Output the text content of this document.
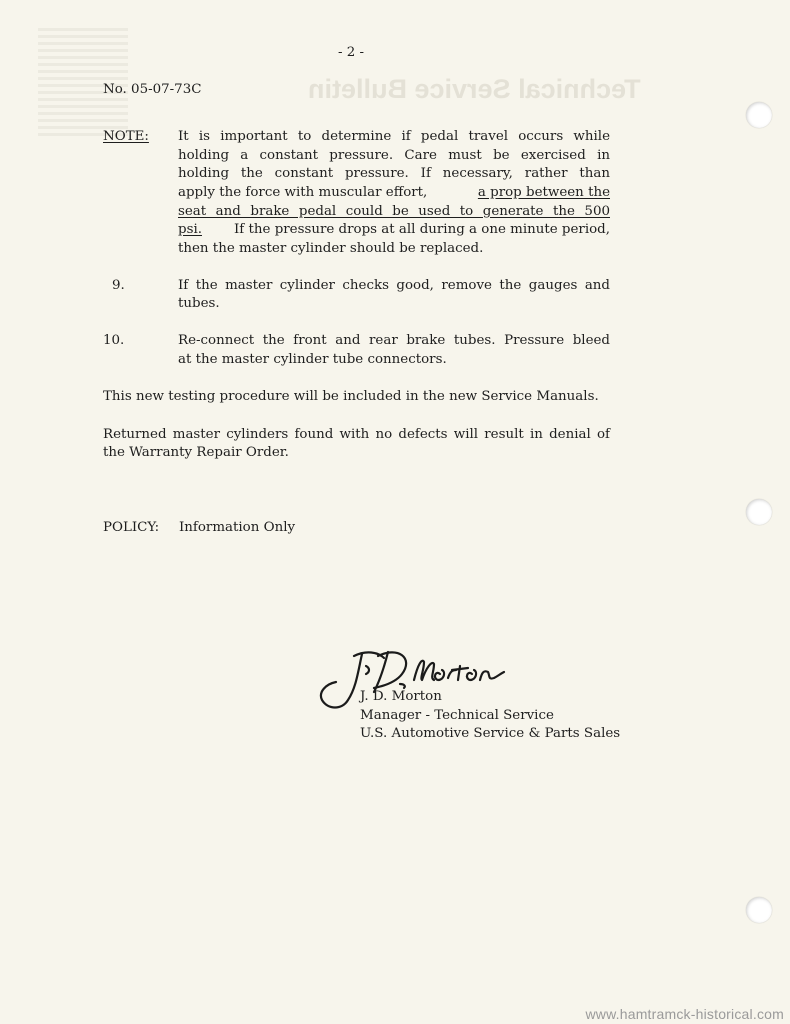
Technical Service Bulletin
- 2 -
No. 05-07-73C
NOTE: It is important to determine if pedal travel occurs while
holding a constant pressure. Care must be exercised in
holding the constant pressure. If necessary, rather than
apply the force with muscular effort,	a prop between the
seat and brake pedal could be used to generate the 500
psi. If the pressure drops at all during a one minute period,
then the master cylinder should be replaced.
9.	If the master cylinder checks good, remove the gauges and
tubes.
10.	Re-connect the front and rear brake tubes. Pressure bleed
at the master cylinder tube connectors.
This new testing procedure will be included in the new Service Manuals.
Returned master cylinders found with no defects will result in denial of
the Warranty Repair Order.
POLICY: Information Only
J. D. Morton
Manager - Technical Service
U.S. Automotive Service & Parts Sales
www.hamtramck-historical.com
